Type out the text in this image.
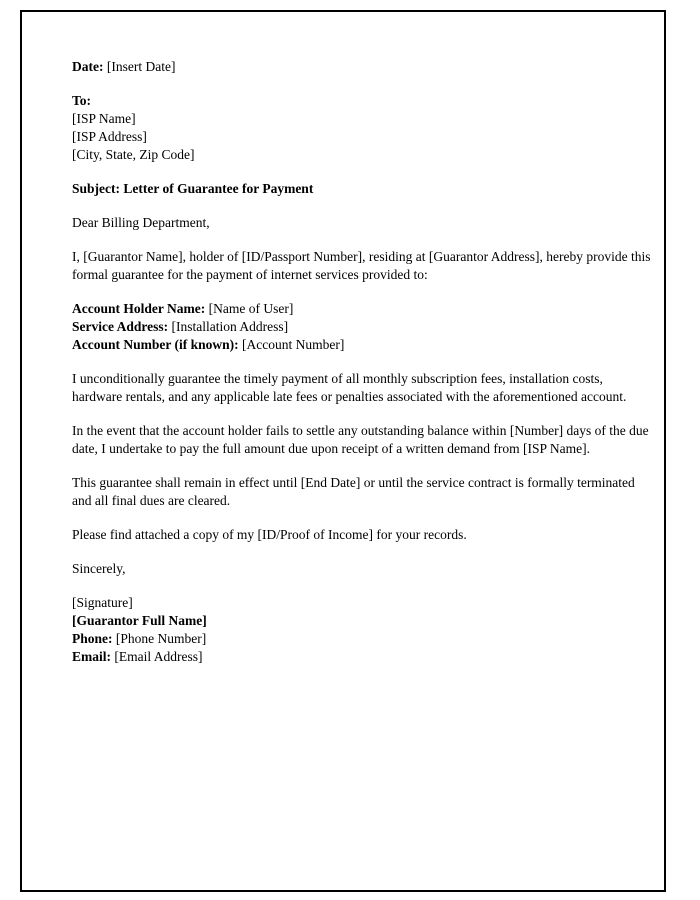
Date: [Insert Date]

To:

[ISP Name]

[ISP Address]

[City, State, Zip Code]

Subject: Letter of Guarantee for Payment

Dear Billing Department,

I, [Guarantor Name], holder of [ID/Passport Number], residing at [Guarantor Address], hereby provide this formal guarantee for the payment of internet services provided to:

Account Holder Name: [Name of User]

Service Address: [Installation Address]

Account Number (if known): [Account Number]

I unconditionally guarantee the timely payment of all monthly subscription fees, installation costs, hardware rentals, and any applicable late fees or penalties associated with the aforementioned account.

In the event that the account holder fails to settle any outstanding balance within [Number] days of the due date, I undertake to pay the full amount due upon receipt of a written demand from [ISP Name].

This guarantee shall remain in effect until [End Date] or until the service contract is formally terminated and all final dues are cleared.

Please find attached a copy of my [ID/Proof of Income] for your records.

Sincerely,

[Signature]

[Guarantor Full Name]

Phone: [Phone Number]

Email: [Email Address]
